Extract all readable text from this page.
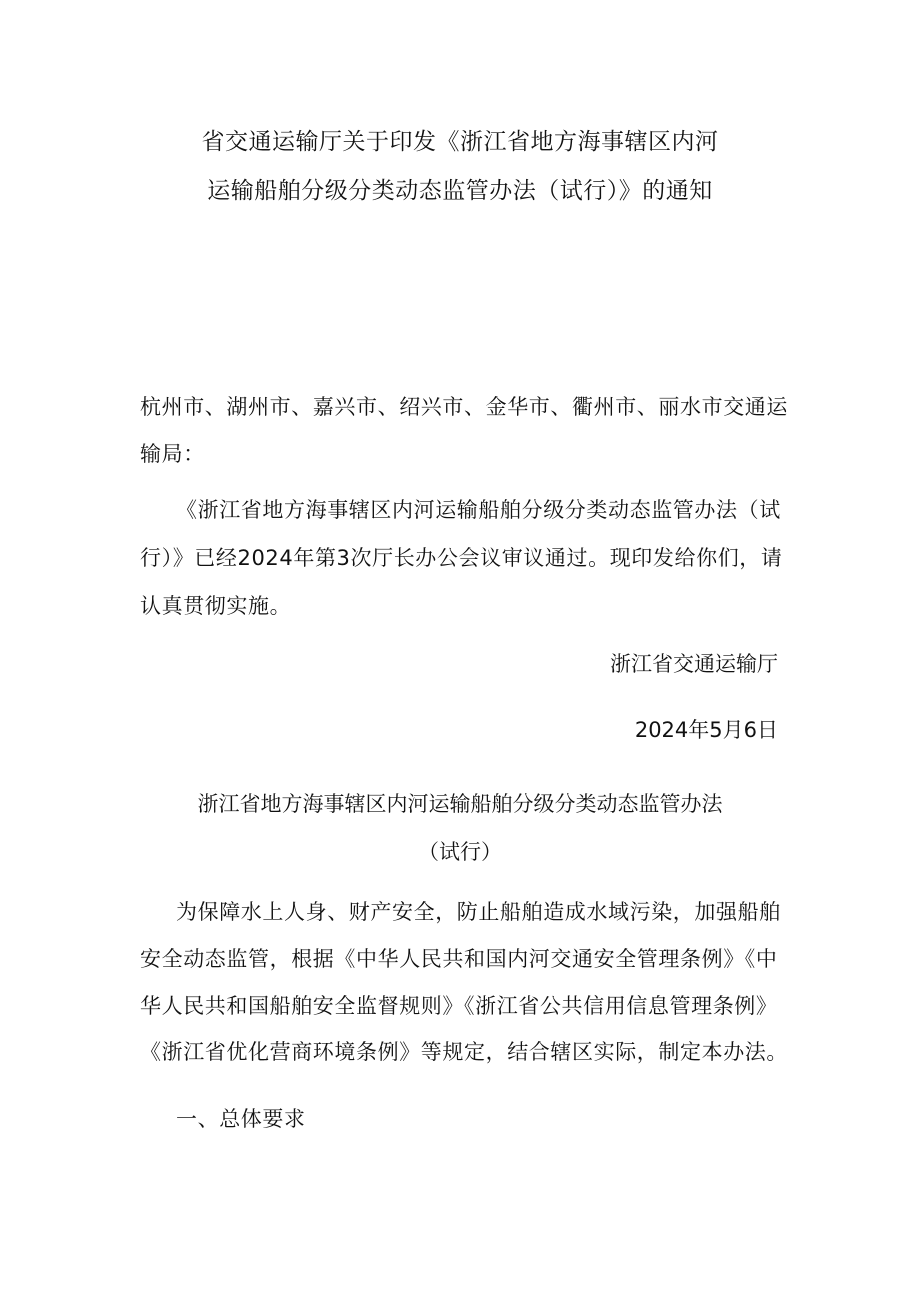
省交通运输厅关于印发《浙江省地方海事辖区内河

运输船舶分级分类动态监管办法（试行）》的通知

杭州市、湖州市、嘉兴市、绍兴市、金华市、衢州市、丽水市交通运

输局：

《浙江省地方海事辖区内河运输船舶分级分类动态监管办法（试

行）》已经2024年第3次厅长办公会议审议通过。现印发给你们，请

认真贯彻实施。

浙江省交通运输厅

2024年5月6日

浙江省地方海事辖区内河运输船舶分级分类动态监管办法

（试行）

为保障水上人身、财产安全，防止船舶造成水域污染，加强船舶

安全动态监管，根据《中华人民共和国内河交通安全管理条例》《中

华人民共和国船舶安全监督规则》《浙江省公共信用信息管理条例》

《浙江省优化营商环境条例》等规定，结合辖区实际，制定本办法。

一、总体要求
